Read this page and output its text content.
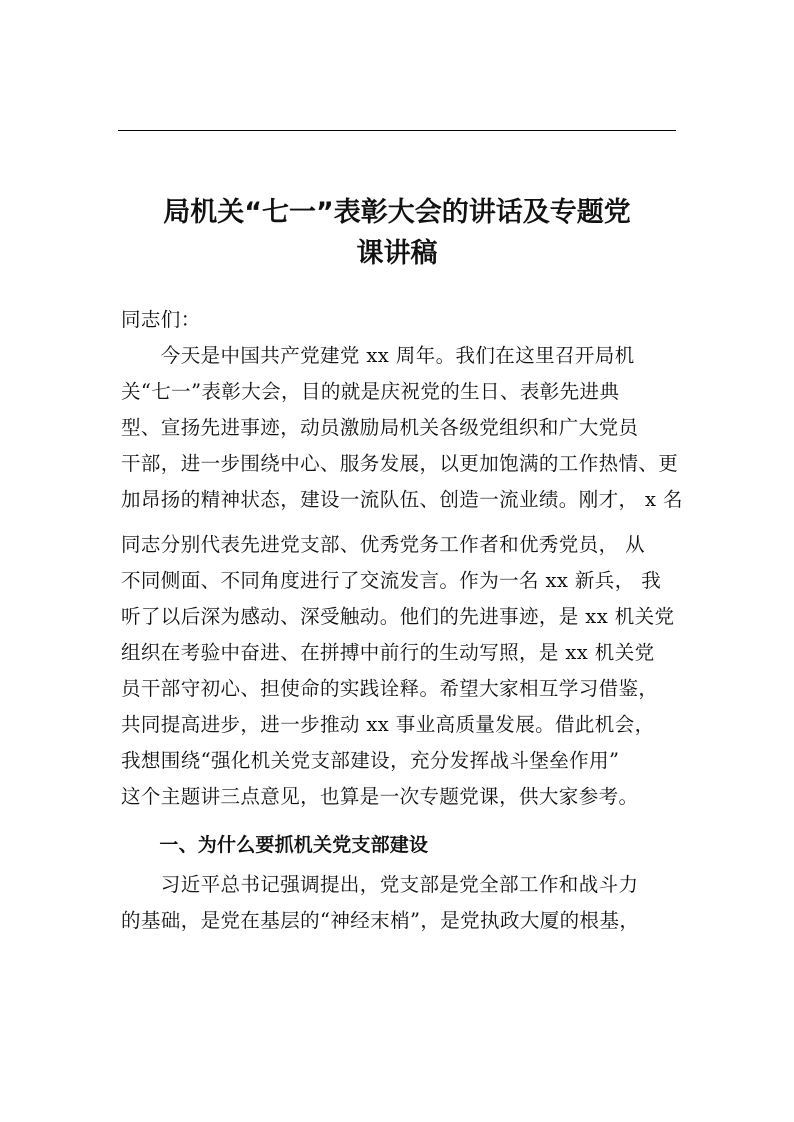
局机关“七一”表彰大会的讲话及专题党
课讲稿
同志们：
　　今天是中国共产党建党 xx 周年。我们在这里召开局机
关“七一”表彰大会，目的就是庆祝党的生日、表彰先进典
型、宣扬先进事迹，动员激励局机关各级党组织和广大党员
干部，进一步围绕中心、服务发展，以更加饱满的工作热情、更
加昂扬的精神状态，建设一流队伍、创造一流业绩。刚才， x 名
同志分别代表先进党支部、优秀党务工作者和优秀党员， 从
不同侧面、不同角度进行了交流发言。作为一名 xx 新兵， 我
听了以后深为感动、深受触动。他们的先进事迹，是 xx 机关党
组织在考验中奋进、在拼搏中前行的生动写照，是 xx 机关党
员干部守初心、担使命的实践诠释。希望大家相互学习借鉴，
共同提高进步，进一步推动 xx 事业高质量发展。借此机会，
我想围绕“强化机关党支部建设，充分发挥战斗堡垒作用”
这个主题讲三点意见，也算是一次专题党课，供大家参考。
　　一、为什么要抓机关党支部建设
　　习近平总书记强调提出，党支部是党全部工作和战斗力
的基础，是党在基层的“神经末梢”，是党执政大厦的根基，
